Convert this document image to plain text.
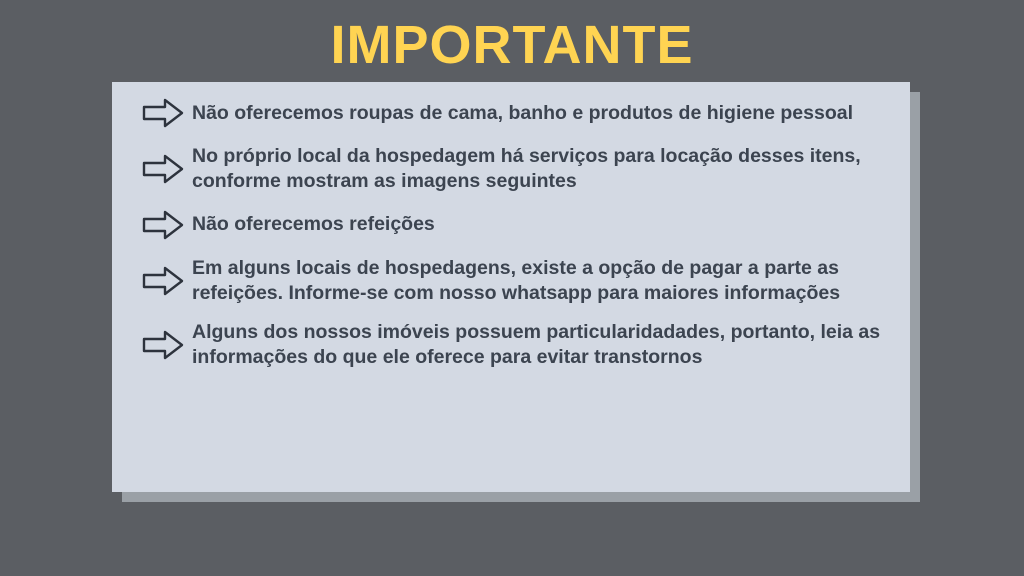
IMPORTANTE
Não oferecemos roupas de cama, banho e produtos de higiene pessoal
No próprio local da hospedagem há serviços para locação desses itens, conforme mostram as imagens seguintes
Não oferecemos refeições
Em alguns locais de hospedagens, existe a opção de pagar a parte as refeições. Informe-se com nosso whatsapp para maiores informações
Alguns dos nossos imóveis possuem particularidadades, portanto, leia as informações do que ele oferece para evitar transtornos
